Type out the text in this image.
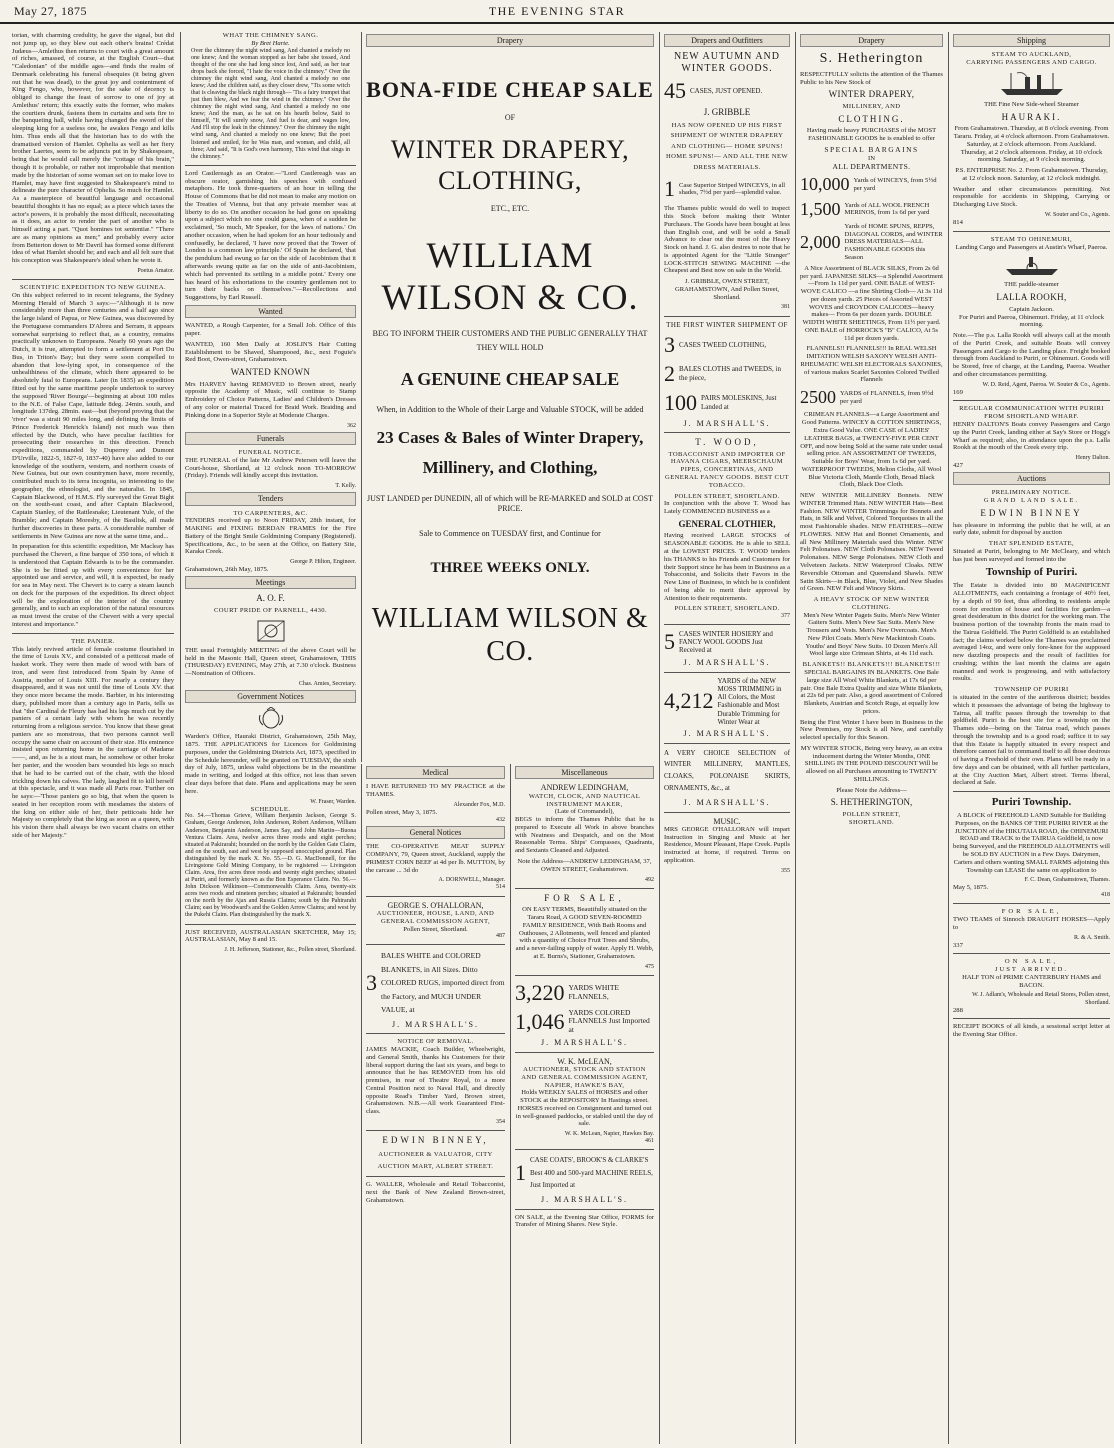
May 27, 1875	THE EVENING STAR

torian, with charming credulity, he gave the signal, but did not jump up, so they blew out each other's brains! Crédat Judæus—Amlethus then returns to court with a great amount of riches, amassed, of course, at the English Court—that "Caledonian" of the middle ages—and finds the realm of Denmark celebrating his funeral obsequies (it being given out that he was dead), to the great joy and contentment of King Fengo, who, however, for the sake of decency is obliged to change the feast of sorrow to one of joy at Amlethus' return; this exactly suits the former, who makes the courtiers drunk, fastens them in curtains and sets fire to the banqueting hall, while having changed the sword of the sleeping king for a useless one, he awakes Fengo and kills him. Thus ends all that the historian has to do with the dramatised version of Hamlet. Ophelia as well as her fiery brother Laertes, seem to be adjuncts put in by Shakespeare, being that he would call merely the "cottage of his brain," though it is probable, or rather not improbable that mention made by the historian of some woman set on to make love to Hamlet, may have first suggested to Shakespeare's mind to delineate the pure character of Ophelia. So much for Hamlet. As a masterpiece of beautiful language and occasional beautiful thoughts it has no equal; as a piece which taxes the actor's powers, it is probably the most difficult, necessitating as it does, an actor to render the part of another who is himself acting a part. "Quot homines tot sententiæ." "There are as many opinions as men;" and probably every actor from Betterton down to Mr Davril has formed some different idea of what Hamlet should be; and each and all felt sure that his conception was Shakespeare's ideal when he wrote it.

Poetus Amator.

SCIENTIFIC EXPEDITION TO NEW GUINEA.

On this subject referred to in recent telegrams, the Sydney Morning Herald of March 3 says:—"Although it is now considerably more than three centuries and a half ago since the large island of Papua, or New Guinea, was discovered by the Portuguese commanders D'Abreu and Serram, it appears somewhat surprising to reflect that, as a country, remains practically unknown to Europeans. Nearly 60 years ago the Dutch, it is true, attempted to form a settlement at Port Du Bus, in Triton's Bay; but they were soon compelled to abandon that low-lying spot, in consequence of the unhealthiness of the climate, which there appeared to be absolutely fatal to Europeans. Later (in 1835) an expedition fitted out by the same maritime people undertook to survey the supposed 'River Bourga'—beginning at about 100 miles to the N.E. of False Cape, latitude 8deg. 24min. south, and longitude 137deg. 28min. east—but (beyond proving that the 'river' was a strait 90 miles long, and defining the limits of Prince Frederick Henrick's Island) not much was then effected by the Dutch, who have peculiar facilities for prosecuting their researches in this direction. French expeditions, commanded by Duperrey and Dumont D'Urville, 1822-5, 1827-9, 1837-40) have also added to our knowledge of the southern, western, and northern coasts of New Guinea, but our own countrymen have, more recently, contributed much to its terra incognita, so interesting to the geographer, the ethnologist, and the naturalist. In 1845, Captain Blackwood, of H.M.S. Fly surveyed the Great Bight on the south-east coast, and after Captain Blackwood, Captain Stanley, of the Rattlesnake; Lieutenant Yule, of the Bramble; and Captain Moresby, of the Basilisk, all made further discoveries in these parts. A considerable number of settlements in New Guinea are now at the same time, and...

In preparation for this scientific expedition, Mr Macleay has purchased the Chevert, a fine barque of 350 tons, of which it is understood that Captain Edwards is to be the commander. She is to be fitted up with every convenience for her appointed use and service, and will, it is expected, be ready for sea in May next. The Chevert is to carry a steam launch on deck for the purposes of the expedition. Its direct object will be the exploration of the interior of the country generally, and to such an exploration of the natural resources as must invest the cruise of the Chevert with a very special interest and importance."

THE PANIER.

This lately revived article of female costume flourished in the time of Louis XV., and consisted of a petticoat made of basket work. They were then made of wood with bars of iron, and were first introduced from Spain by Anne of Austria, mother of Louis XIII. For nearly a century they disappeared, and it was not until the time of Louis XV. that they once more became the mode. Barbier, in his interesting diary, published more than a century ago in Paris, tells us that "the Cardinal de Fleury has had his legs much cut by the paniers of a certain lady with whom he was recently returning from a religious service. You know that these great paniers are so monstrous, that two persons cannot well occupy the same chair on account of their size. His eminence insisted upon returning home in the carriage of Madame——, and, as he is a stout man, he somehow or other broke her panier, and the wooden bars wounded his legs so much that he had to be carried out of the chair, with the blood trickling down his calves. The lady, laughed fit to kill herself at this spectacle, and it was made all Paris roar. 'Further on he says:—'Those paniers go so big, that when the queen is seated in her reception room with mesdames the sisters of the king on either side of her, their petticoats hide her Majesty so completely that the king as soon as a queen, with his vision there shall always be two vacant chairs on either side of her Majesty."

WHAT THE CHIMNEY SANG.
By Bret Harte.

Over the chimney the night wind sang, And chanted a melody no one knew; And the woman stopped as her babe she tossed, And thought of the one she had long since lost, And said, as her tear drops back she forced, "I hate the voice in the chimney." Over the chimney the night wind sang, And chanted a melody no one knew; And the children said, as they closer drew, "Tis some witch that is cleaving the black night through— 'Tis a fairy trumpet that just then blew, And we fear the wind in the chimney." Over the chimney the night wind sang, And chanted a melody no one knew; And the man, as he sat on his hearth below, Said to himself, "It will surely snow, And fuel is dear, and wages low, And I'll stop the leak in the chimney." Over the chimney the night wind sang, And chanted a melody no one knew; But the poet listened and smiled, for he Was man, and woman, and child, all three; And said, "It is God's own harmony, This wind that sings in the chimney."

Lord Castlereagh as an Orator.—"Lord Castlereagh was an obscure orator, garnishing his speeches with confused metaphors. He took three-quarters of an hour in telling the House of Commons that he did not mean to make any motion on the Treaties of Vienna, but that any private member was at liberty to do so. On another occasion he had gone on speaking upon a subject which no one could guess, when of a sudden he exclaimed, 'So much, Mr Speaker, for the laws of nations.' On another occasion, when he had spoken for an hour tediously and confusedly, he declared, 'I have now proved that the Tower of London is a common law principle.' Of Spain he declared, 'that the pendulum had swung so far on the side of Jacobinism that it afterwards swung quite as far on the side of anti-Jacobinism, which had prevented its settling in a middle point.' Every one has heard of his exhortations to the country gentlemen not to turn their backs on themselves."—Recollections and Suggestions, by Earl Russell.

Wanted

WANTED, a Rough Carpenter, for a Small Job. Office of this paper.

WANTED, 160 Men Daily at JOSLIN'S Hair Cutting Establishment to be Shaved, Shampooed, &c., next Foguie's Red Boot, Owen-street, Grahamstown.

WANTED KNOWN

Mrs HARVEY having REMOVED to Brown street, nearly opposite the Academy of Music, will continue to Stamp Embroidery of Choice Patterns, Ladies' and Children's Dresses of any color or material Traced for Braid Work. Braiding and Pinking done in a Superior Style at Moderate Charges.

362
Funerals
FUNERAL NOTICE.

THE FUNERAL of the late Mr Andrew Petersen will leave the Court-house, Shortland, at 12 o'clock noon TO-MORROW (Friday). Friends will kindly accept this invitation.

T. Kelly.
Tenders
TO CARPENTERS, &C.

TENDERS received up to Noon FRIDAY, 28th instant, for MAKING and FIXING BERDAN FRAMES for the Fire Battery of the Bright Smile Goldmining Company (Registered). Specifications, &c., to be seen at the Office, on Battery Site, Karaka Creek.

George P. Hilton, Engineer.
Grahamstown, 26th May, 1875.
Meetings
A. O. F.
COURT PRIDE OF PARNELL, 4430.

THE usual Fortnightly MEETING of the above Court will be held in the Masonic Hall, Queen street, Grahamstown, THIS (THURSDAY) EVENING, May 27th, at 7.30 o'clock. Business—Nomination of Officers.

Chas. Amies, Secretary.
Government Notices

Warden's Office, Hauraki District, Grahamstown, 25th May, 1875. THE APPLICATIONS for Licences for Goldmining purposes, under the Goldmining Districts Act, 1873, specified in the Schedule hereunder, will be granted on TUESDAY, the sixth day of July, 1875, unless valid objections be in the meantime made in writing, and lodged at this office, not less than seven clear days before that date. Plans and applications may be seen here.

W. Fraser, Warden.
SCHEDULE.

No. 54.—Thomas Grieve, William Benjamin Jackson, George S. Graham, George Anderson, John Anderson, Robert Anderson, William Anderson, Benjamin Anderson, James Say, and John Martin—Buona Ventura Claim. Area, twelve acres three roods and eight perches; situated at Pakirarahi; bounded on the north by the Golden Gate Claim, and on the south, east and west by supposed unoccupied ground. Plan distinguished by the mark X. No. 55.—D. G. MacDonnell, for the Livingstone Gold Mining Company, to be registered — Livingston Claim. Area, five acres three roods and twenty eight perches; situated at Puriri, and formerly known as the Bon Esperance Claim. No. 56.—John Dickson Wilkinson—Commonwealth Claim. Area, twenty-six acres two roods and nineteen perches; situated at Pakirarahi; bounded on the north by the Ajax and Russia Claims; south by the Pahirarahi Claim; east by Woodward's and the Golden Arrow Claims; and west by the Pukehi Claim. Plan distinguished by the mark X.

JUST RECEIVED, AUSTRALASIAN SKETCHER, May 15; AUSTRALASIAN, May 8 and 15.

J. H. Jefferson, Stationer, &c., Pollen street, Shortland.
Drapery
BONA-FIDE CHEAP SALE
OF
WINTER DRAPERY, CLOTHING,
ETC., ETC.
WILLIAM WILSON & CO.
BEG TO INFORM THEIR CUSTOMERS AND THE PUBLIC GENERALLY THAT THEY WILL HOLD
A GENUINE CHEAP SALE
When, in Addition to the Whole of their Large and Valuable STOCK, will be added
23 Cases & Bales of Winter Drapery,
Millinery, and Clothing,
JUST LANDED per DUNEDIN, all of which will be RE-MARKED and SOLD at COST PRICE.
Sale to Commence on TUESDAY first, and Continue for
THREE WEEKS ONLY.
WILLIAM WILSON & CO.
Medical

I HAVE RETURNED TO MY PRACTICE at the THAMES.

Alexander Fox, M.D.
Pollen street, May 3, 1875.
432
General Notices

THE CO-OPERATIVE MEAT SUPPLY COMPANY, 79, Queen street, Auckland, supply the PRIMEST CORN BEEF at 4d per lb. MUTTON, by the carcase ... 3d do

A. DORNWELL, Manager.
514
GEORGE S. O'HALLORAN,
AUCTIONEER, HOUSE, LAND, AND GENERAL COMMISSION AGENT,
Pollen Street, Shortland.
487
3
BALES WHITE and COLORED BLANKETS, in All Sizes. Ditto COLORED RUGS, imported direct from the Factory, and MUCH UNDER VALUE, at
J. MARSHALL'S.
NOTICE OF REMOVAL.

JAMES MACKIE, Coach Builder, Wheelwright, and General Smith, thanks his Customers for their liberal support during the last six years, and begs to announce that he has REMOVED from his old premises, in rear of Theatre Royal, to a more Central Position next to Naval Hall, and directly opposite Read's Timber Yard, Brown street, Grahamstown. N.B.—All work Guaranteed First-class.

354
EDWIN BINNEY,
AUCTIONEER & VALUATOR, CITY AUCTION MART, ALBERT STREET.

G. WALLER, Wholesale and Retail Tobacconist, next the Bank of New Zealand Brown-street, Grahamstown.

Miscellaneous
ANDREW LEDINGHAM,
WATCH, CLOCK, AND NAUTICAL INSTRUMENT MAKER,
(Late of Coromandel),

BEGS to inform the Thames Public that he is prepared to Execute all Work in above branches with Neatness and Despatch, and on the Most Reasonable Terms. Ships' Compasses, Quadrants, and Sextants Cleaned and Adjusted.

Note the Address—ANDREW LEDINGHAM, 37, OWEN STREET, Grahamstown.

492
FOR SALE,

ON EASY TERMS, Beautifully situated on the Tararu Road, A GOOD SEVEN-ROOMED FAMILY RESIDENCE, With Bath Rooms and Outhouses, 2 Allotments, well fenced and planted with a quantity of Choice Fruit Trees and Shrubs, and a never-failing supply of water. Apply H. Webb, at E. Burns's, Stationer, Grahamstown.

475
3,220 YARDS WHITE FLANNELS,
1,046 YARDS COLORED FLANNELS Just Imported at
J. MARSHALL'S.
W. K. McLEAN,
AUCTIONEER, STOCK AND STATION AND GENERAL COMMISSION AGENT, NAPIER, HAWKE'S BAY,

Holds WEEKLY SALES of HORSES and other STOCK at the REPOSITORY In Hastings street. HORSES received on Consignment and turned out in well-grassed paddocks, or stabled until the day of sale.

W. K. McLean, Napier, Hawkes Bay.
461
1 CASE COATS', BROOK'S & CLARKE'S Best 400 and 500-yard MACHINE REELS, Just Imported at
J. MARSHALL'S.

ON SALE, at the Evening Star Office, FORMS for Transfer of Mining Shares. New Style.

Drapers and Outfitters
NEW AUTUMN AND WINTER GOODS.
45 CASES, JUST OPENED.
J. GRIBBLE

HAS NOW OPENED UP HIS FIRST SHIPMENT OF WINTER DRAPERY AND CLOTHING— HOME SPUNS! HOME SPUNS!— AND ALL THE NEW DRESS MATERIALS.

1 Case Superior Striped WINCEYS, in all shades, 7½d per yard—splendid value.

The Thames public would do well to inspect this Stock before making their Winter Purchases. The Goods have been bought at less than English cost, and will be sold a Small Advance to clear out the most of the Heavy Stock on hand. J. G. also desires to note that he is appointed Agent for the "Little Stranger" LOCK-STITCH SEWING MACHINE —the Cheapest and Best now on sale in the World.

J. GRIBBLE, OWEN STREET, GRAHAMSTOWN, And Pollen Street, Shortland.

381

THE FIRST WINTER SHIPMENT OF

3 CASES TWEED CLOTHING,
2 BALES CLOTHS and TWEEDS, in the piece,
100 PAIRS MOLESKINS, Just Landed at
J. MARSHALL'S.
T. WOOD,

TOBACCONIST AND IMPORTER OF HAVANA CIGARS, MEERSCHAUM PIPES, CONCERTINAS, AND GENERAL FANCY GOODS. BEST CUT TOBACCO.

POLLEN STREET, SHORTLAND.

In conjunction with the above T. Wood has Lately COMMENCED BUSINESS as a

GENERAL CLOTHIER,

Having received LARGE STOCKS of SEASONABLE GOODS. He is able to SELL at the LOWEST PRICES. T. WOOD tenders his THANKS to his Friends and Customers for their Support since he has been in Business as a Tobacconist, and Solicits their Favors in the New Line of Business, in which he is confident of being able to merit their approval by Attention to their requirements.

POLLEN STREET, SHORTLAND.
377
5 CASES WINTER HOSIERY and FANCY WOOL GOODS Just Received at
J. MARSHALL'S.
4,212
YARDS of the NEW MOSS TRIMMING in All Colors, the Most Fashionable and Most Durable Trimming for Winter Wear at
J. MARSHALL'S.

A VERY CHOICE SELECTION of WINTER MILLINERY, MANTLES, CLOAKS, POLONAISE SKIRTS, ORNAMENTS, &c., at

J. MARSHALL'S.
MUSIC.

MRS GEORGE O'HALLORAN will impart Instruction in Singing and Music at her Residence, Mount Pleasant, Hape Creek. Pupils instructed at home, if required. Terms on application.

355
Drapery
S. Hetherington

RESPECTFULLY solicits the attention of the Thames Public to his New Stock of

WINTER DRAPERY,
MILLINERY, AND
CLOTHING.

Having made heavy PURCHASES of the MOST FASHIONABLE GOODS he is enabled to offer

SPECIAL BARGAINS
IN
ALL DEPARTMENTS.
10,000 Yards of WINCEYS, from 5½d per yard
1,500 Yards of ALL WOOL FRENCH MERINOS, from 1s 6d per yard
2,000
Yards of HOME SPUNS, REPPS, DIAGONAL CORDS, and WINTER DRESS MATERIALS—ALL FASHIONABLE GOODS this Season

A Nice Assortment of BLACK SILKS, From 2s 6d per yard. JAPANESE SILKS—a Splendid Assortment—From 1s 11d per yard. ONE BALE of WEST-WOVE CALICO —a fine Shirting Cloth— At 3s 11d per dozen yards. 25 Pieces of Assorted WEST WOVES and CROYDON CALICOES—heavy makes— From 6s per dozen yards. DOUBLE WIDTH WHITE SHEETINGS, From 11½ per yard. ONE BALE of HORROCK'S "B" CALICO, At 5s 11d per dozen yards.

FLANNELS!! FLANNELS!!! In REAL WELSH IMITATION WELSH SAXONY WELSH ANTI-RHEUMATIC WELSH ELECTORALS SAXONIES, of various makes Scarlet Saxonies Colored Twilled Flannels

2500 YARDS of FLANNELS, from 9½d per yard

CRIMEAN FLANNELS—a Large Assortment and Good Patterns. WINCEY & COTTON SHIRTINGS, Extra Good Value. ONE CASE of LADIES' LEATHER BAGS, at TWENTY-FIVE PER CENT OFF, and now being Sold at the same rate under usual selling price. AN ASSORTMENT OF TWEEDS, Suitable for Boys' Wear, from 1s 6d per yard. WATERPROOF TWEEDS, Melton Cloths, All Wool Blue Victoria Cloth, Mantle Cloth, Broad Black Cloth, Black Doe Cloth.

NEW WINTER MILLINERY Bonnets. NEW WINTER Trimmed Hats. NEW WINTER Hats—Best Fashion. NEW WINTER Trimmings for Bonnets and Hats, in Silk and Velvet, Colored Torquoises in all the most Fashionable shades. NEW FEATHERS—NEW FLOWERS. NEW Hat and Bonnet Ornaments, and all New Millinery Materials used this Winter. NEW Felt Polonaises. NEW Cloth Polonaises. NEW Tweed Polonaises. NEW Serge Polonaises. NEW Cloth and Velveteen Jackets. NEW Waterproof Cloaks. NEW Reversible Ottoman and Queensland Shawls. NEW Satin Skirts—in Black, Blue, Violet, and New Shades of Green. NEW Felt and Wincey Skirts.

A HEAVY STOCK OF NEW WINTER CLOTHING.

Men's New Winter Pagets Suits. Men's New Winter Gaiters Suits. Men's New Sac Suits. Men's New Trousers and Vests. Men's New Overcoats. Men's New Pilot Coats. Men's New Mackintosh Coats. Youths' and Boys' New Suits. 10 Dozen Men's All Wool large size Crimean Shirts, at 4s 11d each.

BLANKETS!! BLANKETS!!! BLANKETS!!!

SPECIAL BARGAINS IN BLANKETS. One Bale large size All Wool White Blankets, at 17s 6d per pair. One Bale Extra Quality and size White Blankets, at 22s 6d per pair. Also, a good assortment of Colored Blankets, Austrian and Scotch Rugs, at equally low prices.

Being the First Winter I have been in Business in the New Premises, my Stock is all New, and carefully selected specially for this Season.

MY WINTER STOCK, Being very heavy, as an extra inducement during the Winter Months, ONE SHILLING IN THE POUND DISCOUNT Will be allowed on all Purchases amounting to TWENTY SHILLINGS.

Please Note the Address—
S. HETHERINGTON,
POLLEN STREET,
SHORTLAND.
Shipping
STEAM TO AUCKLAND,
CARRYING PASSENGERS AND CARGO.
THE Fine New Side-wheel Steamer
HAURAKI.

From Grahamstown. Thursday, at 8 o'clock evening. From Tararu. Friday, at 4 o'clock afternoon. From Grahamstown. Saturday, at 2 o'clock afternoon. From Auckland. Thursday, at 2 o'clock afternoon. Friday, at 10 o'clock morning. Saturday, at 9 o'clock morning.

P.S. ENTERPRISE No. 2. From Grahamstown. Thursday, at 12 o'clock noon. Saturday, at 12 o'clock midnight.

Weather and other circumstances permitting. Not responsible for accidents in Shipping, Carrying or Discharging Live Stock.

W. Souter and Co., Agents.
814
STEAM TO OHINEMURI,

Landing Cargo and Passengers at Austin's Wharf, Paeroa.

THE paddle-steamer
LALLA ROOKH,
Captain Jackson.

For Puriri and Paeroa, Ohinemuri. Friday, at 11 o'clock morning.

Note.—The p.s. Lalla Rookh will always call at the mouth of the Puriri Creek, and suitable Boats will convey Passengers and Cargo to the Landing place. Freight booked through from Auckland to Puriri, or Ohinemuri. Goods will be Stored, free of charge, at the Landing, Paeroa. Weather and other circumstances permitting.

W. D. Reid, Agent, Paeroa. W. Souter & Co., Agents.
169
REGULAR COMMUNICATION WITH PURIRI FROM SHORTLAND WHARF.

HENRY DALTON'S Boats convey Passengers and Cargo up the Puriri Creek, landing either at Say's Store or Hogg's Wharf as required; also, in attendance upon the p.s. Lalla Rookh at the mouth of the Creek every trip.

Henry Dalton.
427
Auctions
PRELIMINARY NOTICE.
GRAND LAND SALE.
EDWIN BINNEY

has pleasure in informing the public that he will, at an early date, submit for disposal by auction

THAT SPLENDID ESTATE,

Situated at Puriri, belonging to Mr McCleary, and which has just been surveyed and formed into the

Township of Puriri.

The Estate is divided into 80 MAGNIFICENT ALLOTMENTS, each containing a frontage of 40½ feet, by a depth of 99 feet, thus affording to residents ample room for erection of house and facilities for garden—a great desideratum in this district for the working man. The business portion of the township fronts the main road to the Tairua Goldfield. The Puriri Goldfield is an established fact; the claims worked below the Thames was proclaimed averaged 14oz, and were only fore-knee for the supposed new dazzling prospects and the result of facilities for crushing; within the last month the claims are again manned and work is progressing, and with satisfactory results.

TOWNSHIP OF PURIRI

is situated in the centre of the auriferous district; besides which it possesses the advantage of being the highway to Tairua, all traffic passes through the township to that goldfield. Puriri is the best site for a township on the Thames side—being on the Tairua road, which passes through the township and is a good road; suffice it to say that this Estate is happily situated in every respect and therefore cannot fail to command itself to all those desirous of having a Freehold of their own. Plans will be ready in a few days and can be obtained, with all further particulars, at the City Auction Mart, Albert street. Terms liberal, declared at Sale.

Puriri Township.

A BLOCK of FREEHOLD LAND Suitable for Building Purposes, on the BANKS OF THE PURIRI RIVER at the JUNCTION of the HIKUTAIA ROAD, the OHINEMURI ROAD and TRACK to the TAIRUA Goldfield, is now being Surveyed, and the FREEHOLD ALLOTMENTS will be SOLD BY AUCTION in a Few Days. Dairymen, Carters and others wanting SMALL FARMS adjoining this Township can LEASE the same on application to

F. C. Dean, Grahamstown, Thames.
May 5, 1875.
418
FOR SALE,

TWO TEAMS of Sinnoch DRAUGHT HORSES—Apply to

R. & A. Smith.
337
ON SALE,
JUST ARRIVED.

HALF TON of PRIME CANTERBURY HAMS and BACON.

W. J. Adlam's, Wholesale and Retail Stores, Pollen street, Shortland.
288

RECEIPT BOOKS of all kinds, a sessional script letter at the Evening Star Office.
